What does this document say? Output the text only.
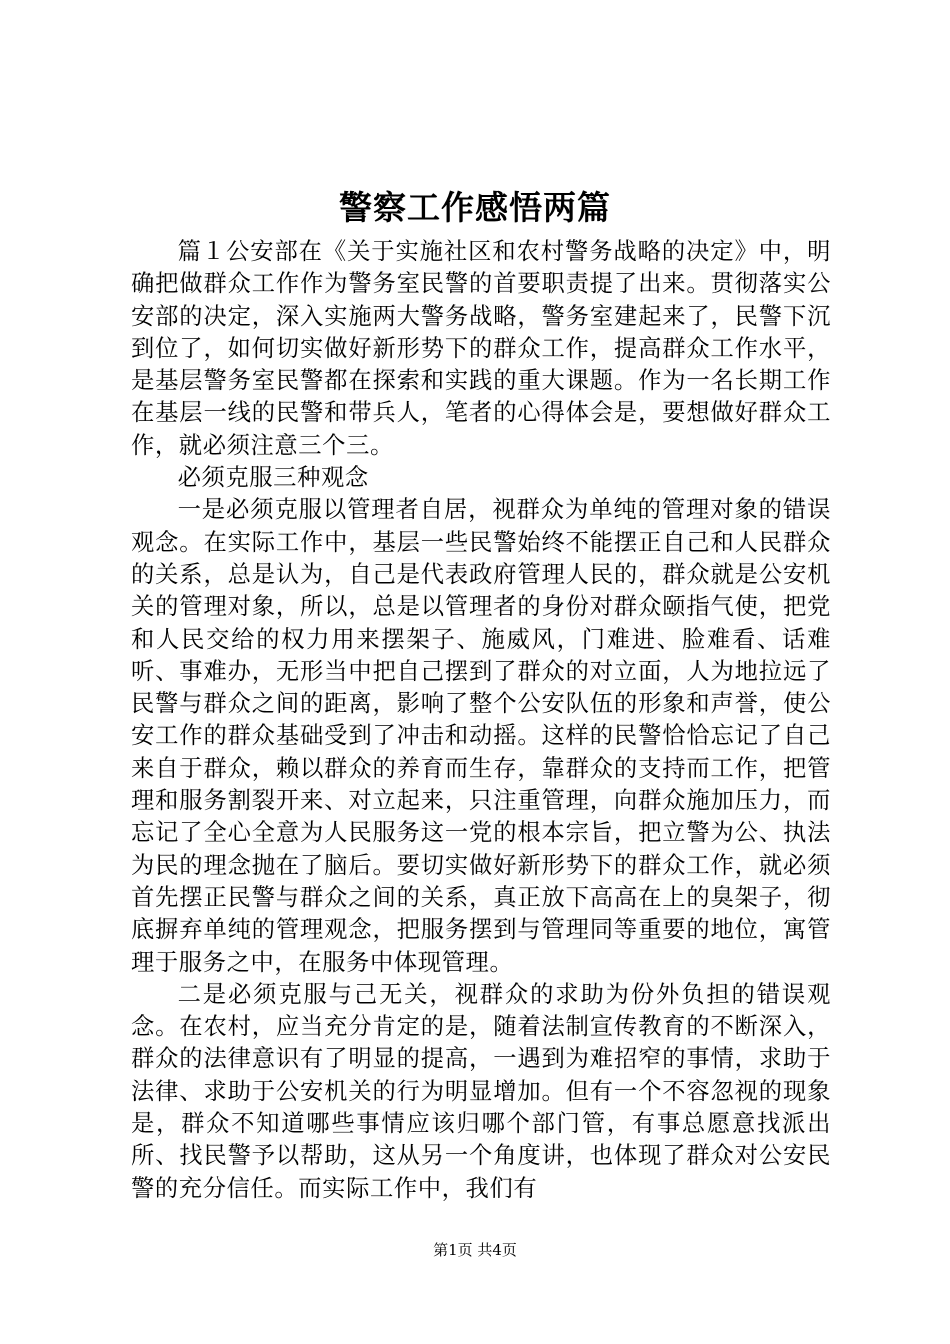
警察工作感悟两篇

篇１公安部在《关于实施社区和农村警务战略的决定》中，明确把做群众工作作为警务室民警的首要职责提了出来。贯彻落实公安部的决定，深入实施两大警务战略，警务室建起来了，民警下沉到位了，如何切实做好新形势下的群众工作，提高群众工作水平，是基层警务室民警都在探索和实践的重大课题。作为一名长期工作在基层一线的民警和带兵人，笔者的心得体会是，要想做好群众工作，就必须注意三个三。

必须克服三种观念

一是必须克服以管理者自居，视群众为单纯的管理对象的错误观念。在实际工作中，基层一些民警始终不能摆正自己和人民群众的关系，总是认为，自己是代表政府管理人民的，群众就是公安机关的管理对象，所以，总是以管理者的身份对群众颐指气使，把党和人民交给的权力用来摆架子、施威风，门难进、脸难看、话难听、事难办，无形当中把自己摆到了群众的对立面，人为地拉远了民警与群众之间的距离，影响了整个公安队伍的形象和声誉，使公安工作的群众基础受到了冲击和动摇。这样的民警恰恰忘记了自己来自于群众，赖以群众的养育而生存，靠群众的支持而工作，把管理和服务割裂开来、对立起来，只注重管理，向群众施加压力，而忘记了全心全意为人民服务这一党的根本宗旨，把立警为公、执法为民的理念抛在了脑后。要切实做好新形势下的群众工作，就必须首先摆正民警与群众之间的关系，真正放下高高在上的臭架子，彻底摒弃单纯的管理观念，把服务摆到与管理同等重要的地位，寓管理于服务之中，在服务中体现管理。

二是必须克服与己无关，视群众的求助为份外负担的错误观念。在农村，应当充分肯定的是，随着法制宣传教育的不断深入，群众的法律意识有了明显的提高，一遇到为难招窄的事情，求助于法律、求助于公安机关的行为明显增加。但有一个不容忽视的现象是，群众不知道哪些事情应该归哪个部门管，有事总愿意找派出所、找民警予以帮助，这从另一个角度讲，也体现了群众对公安民警的充分信任。而实际工作中，我们有

第1页 共4页
